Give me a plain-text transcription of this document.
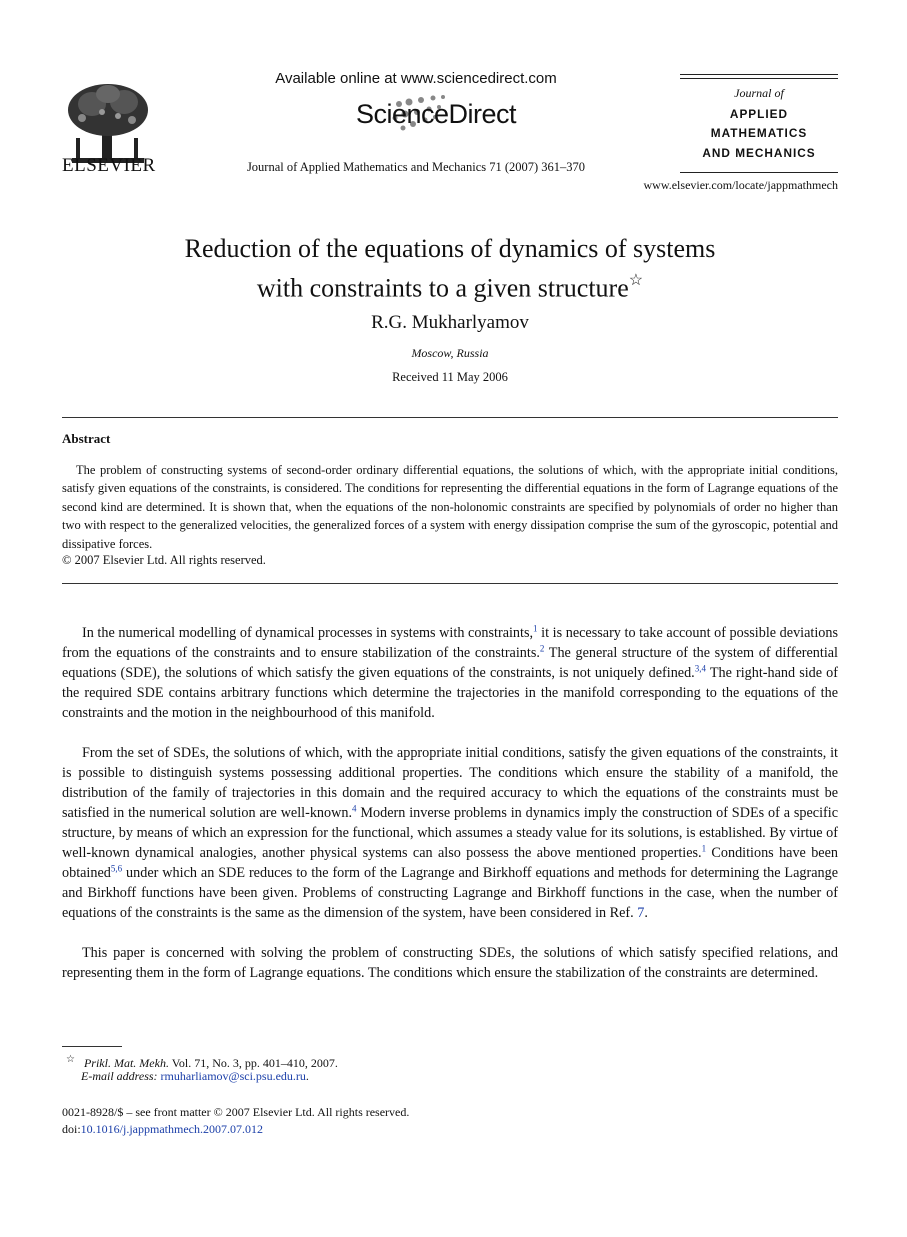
ELSEVIER
Available online at www.sciencedirect.com
ScienceDirect
Journal of Applied Mathematics and Mechanics 71 (2007) 361–370
Journal of
APPLIED
MATHEMATICS
AND MECHANICS
www.elsevier.com/locate/jappmathmech
Reduction of the equations of dynamics of systems
with constraints to a given structure☆
R.G. Mukharlyamov
Moscow, Russia
Received 11 May 2006
Abstract
The problem of constructing systems of second-order ordinary differential equations, the solutions of which, with the appropriate initial conditions, satisfy given equations of the constraints, is considered. The conditions for representing the differential equations in the form of Lagrange equations of the second kind are determined. It is shown that, when the equations of the non-holonomic constraints are specified by polynomials of order no higher than two with respect to the generalized velocities, the generalized forces of a system with energy dissipation comprise the sum of the gyroscopic, potential and dissipative forces.
© 2007 Elsevier Ltd. All rights reserved.
In the numerical modelling of dynamical processes in systems with constraints,$^1$ it is necessary to take account of possible deviations from the equations of the constraints and to ensure stabilization of the constraints.$^2$ The general structure of the system of differential equations (SDE), the solutions of which satisfy the given equations of the constraints, is not uniquely defined.$^{3,4}$ The right-hand side of the required SDE contains arbitrary functions which determine the trajectories in the manifold corresponding to the equations of the constraints and the motion in the neighbourhood of this manifold.
From the set of SDEs, the solutions of which, with the appropriate initial conditions, satisfy the given equations of the constraints, it is possible to distinguish systems possessing additional properties. The conditions which ensure the stability of a manifold, the distribution of the family of trajectories in this domain and the required accuracy to which the equations of the constraints must be satisfied in the numerical solution are well-known.$^4$ Modern inverse problems in dynamics imply the construction of SDEs of a specific structure, by means of which an expression for the functional, which assumes a steady value for its solutions, is established. By virtue of well-known dynamical analogies, another physical systems can also possess the above mentioned properties.$^1$ Conditions have been obtained$^{5,6}$ under which an SDE reduces to the form of the Lagrange and Birkhoff equations and methods for determining the Lagrange and Birkhoff functions have been given. Problems of constructing Lagrange and Birkhoff functions in the case, when the number of equations of the constraints is the same as the dimension of the system, have been considered in Ref. 7.
This paper is concerned with solving the problem of constructing SDEs, the solutions of which satisfy specified relations, and representing them in the form of Lagrange equations. The conditions which ensure the stabilization of the constraints are determined.
☆ Prikl. Mat. Mekh. Vol. 71, No. 3, pp. 401–410, 2007.
E-mail address: rmuharliamov@sci.psu.edu.ru.
0021-8928/$ – see front matter © 2007 Elsevier Ltd. All rights reserved.
doi:10.1016/j.jappmathmech.2007.07.012
